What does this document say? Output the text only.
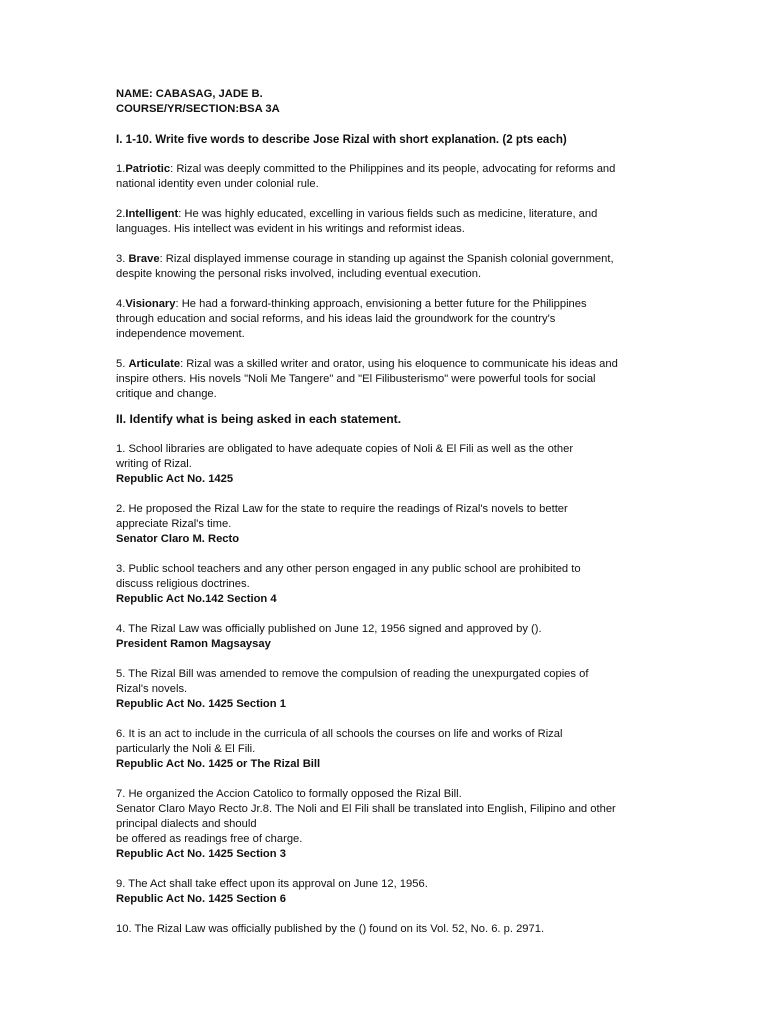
NAME: CABASAG, JADE B.
COURSE/YR/SECTION:BSA 3A
I. 1-10. Write five words to describe Jose Rizal with short explanation. (2 pts each)
1.Patriotic: Rizal was deeply committed to the Philippines and its people, advocating for reforms and
national identity even under colonial rule.
2.Intelligent: He was highly educated, excelling in various fields such as medicine, literature, and
languages. His intellect was evident in his writings and reformist ideas.
3. Brave: Rizal displayed immense courage in standing up against the Spanish colonial government,
despite knowing the personal risks involved, including eventual execution.
4.Visionary: He had a forward-thinking approach, envisioning a better future for the Philippines
through education and social reforms, and his ideas laid the groundwork for the country's
independence movement.
5. Articulate: Rizal was a skilled writer and orator, using his eloquence to communicate his ideas and
inspire others. His novels "Noli Me Tangere" and "El Filibusterismo" were powerful tools for social
critique and change.
II. Identify what is being asked in each statement.
1. School libraries are obligated to have adequate copies of Noli & El Fili as well as the other
writing of Rizal.
Republic Act No. 1425
2. He proposed the Rizal Law for the state to require the readings of Rizal's novels to better
appreciate Rizal's time.
Senator Claro M. Recto
3. Public school teachers and any other person engaged in any public school are prohibited to
discuss religious doctrines.
Republic Act No.142 Section 4
4. The Rizal Law was officially published on June 12, 1956 signed and approved by ().
President Ramon Magsaysay
5. The Rizal Bill was amended to remove the compulsion of reading the unexpurgated copies of
Rizal's novels.
Republic Act No. 1425 Section 1
6. It is an act to include in the curricula of all schools the courses on life and works of Rizal
particularly the Noli & El Fili.
Republic Act No. 1425 or The Rizal Bill
7. He organized the Accion Catolico to formally opposed the Rizal Bill.
Senator Claro Mayo Recto Jr.8. The Noli and El Fili shall be translated into English, Filipino and other
principal dialects and should
be offered as readings free of charge.
Republic Act No. 1425 Section 3
9. The Act shall take effect upon its approval on June 12, 1956.
Republic Act No. 1425 Section 6
10. The Rizal Law was officially published by the () found on its Vol. 52, No. 6. p. 2971.
